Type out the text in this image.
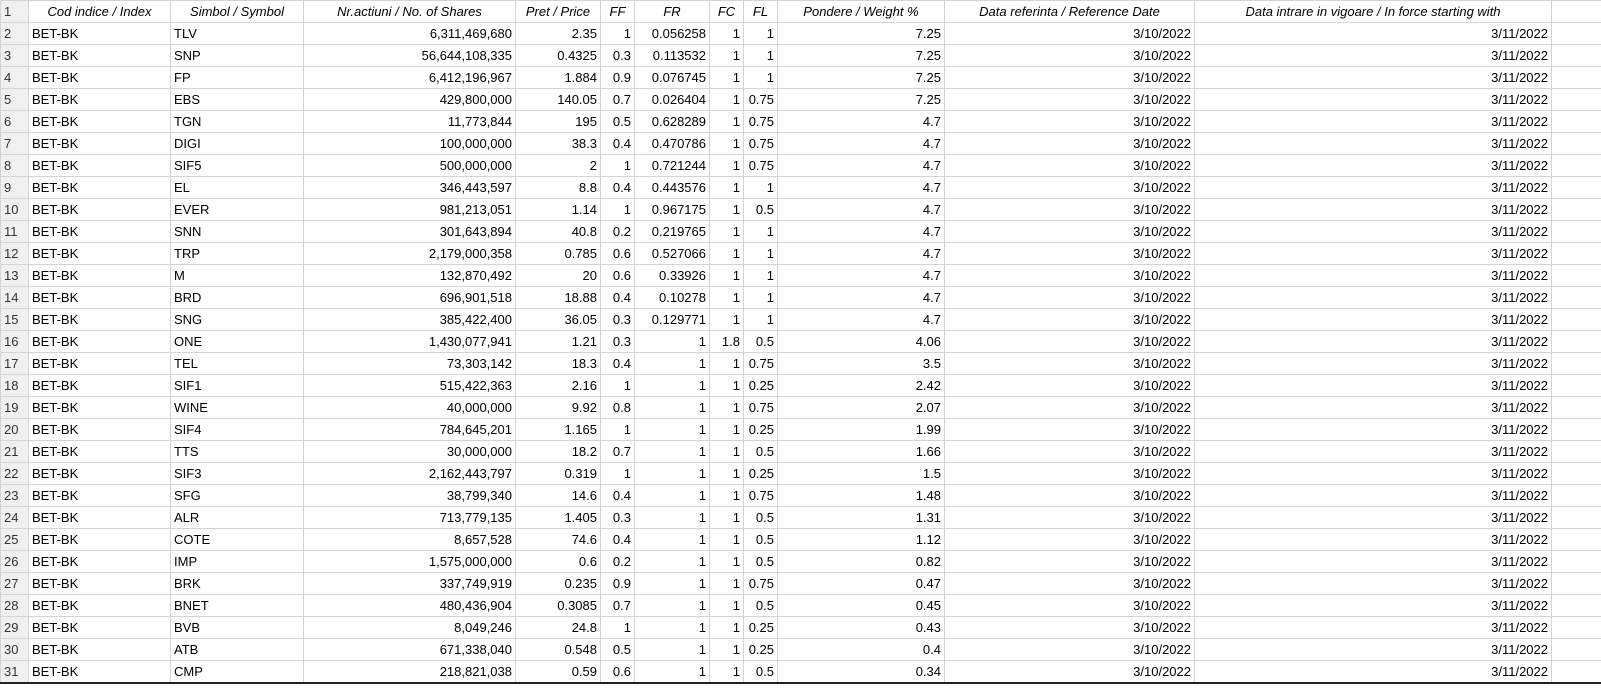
1	Cod indice / Index	Simbol / Symbol	Nr.actiuni / No. of Shares	Pret / Price	FF	FR	FC	FL	Pondere / Weight %	Data referinta / Reference Date	Data intrare in vigoare / In force starting with	
2	BET-BK	TLV	6,311,469,680	2.35	1	0.056258	1	1	7.25	3/10/2022	3/11/2022	
3	BET-BK	SNP	56,644,108,335	0.4325	0.3	0.113532	1	1	7.25	3/10/2022	3/11/2022	
4	BET-BK	FP	6,412,196,967	1.884	0.9	0.076745	1	1	7.25	3/10/2022	3/11/2022	
5	BET-BK	EBS	429,800,000	140.05	0.7	0.026404	1	0.75	7.25	3/10/2022	3/11/2022	
6	BET-BK	TGN	11,773,844	195	0.5	0.628289	1	0.75	4.7	3/10/2022	3/11/2022	
7	BET-BK	DIGI	100,000,000	38.3	0.4	0.470786	1	0.75	4.7	3/10/2022	3/11/2022	
8	BET-BK	SIF5	500,000,000	2	1	0.721244	1	0.75	4.7	3/10/2022	3/11/2022	
9	BET-BK	EL	346,443,597	8.8	0.4	0.443576	1	1	4.7	3/10/2022	3/11/2022	
10	BET-BK	EVER	981,213,051	1.14	1	0.967175	1	0.5	4.7	3/10/2022	3/11/2022	
11	BET-BK	SNN	301,643,894	40.8	0.2	0.219765	1	1	4.7	3/10/2022	3/11/2022	
12	BET-BK	TRP	2,179,000,358	0.785	0.6	0.527066	1	1	4.7	3/10/2022	3/11/2022	
13	BET-BK	M	132,870,492	20	0.6	0.33926	1	1	4.7	3/10/2022	3/11/2022	
14	BET-BK	BRD	696,901,518	18.88	0.4	0.10278	1	1	4.7	3/10/2022	3/11/2022	
15	BET-BK	SNG	385,422,400	36.05	0.3	0.129771	1	1	4.7	3/10/2022	3/11/2022	
16	BET-BK	ONE	1,430,077,941	1.21	0.3	1	1.8	0.5	4.06	3/10/2022	3/11/2022	
17	BET-BK	TEL	73,303,142	18.3	0.4	1	1	0.75	3.5	3/10/2022	3/11/2022	
18	BET-BK	SIF1	515,422,363	2.16	1	1	1	0.25	2.42	3/10/2022	3/11/2022	
19	BET-BK	WINE	40,000,000	9.92	0.8	1	1	0.75	2.07	3/10/2022	3/11/2022	
20	BET-BK	SIF4	784,645,201	1.165	1	1	1	0.25	1.99	3/10/2022	3/11/2022	
21	BET-BK	TTS	30,000,000	18.2	0.7	1	1	0.5	1.66	3/10/2022	3/11/2022	
22	BET-BK	SIF3	2,162,443,797	0.319	1	1	1	0.25	1.5	3/10/2022	3/11/2022	
23	BET-BK	SFG	38,799,340	14.6	0.4	1	1	0.75	1.48	3/10/2022	3/11/2022	
24	BET-BK	ALR	713,779,135	1.405	0.3	1	1	0.5	1.31	3/10/2022	3/11/2022	
25	BET-BK	COTE	8,657,528	74.6	0.4	1	1	0.5	1.12	3/10/2022	3/11/2022	
26	BET-BK	IMP	1,575,000,000	0.6	0.2	1	1	0.5	0.82	3/10/2022	3/11/2022	
27	BET-BK	BRK	337,749,919	0.235	0.9	1	1	0.75	0.47	3/10/2022	3/11/2022	
28	BET-BK	BNET	480,436,904	0.3085	0.7	1	1	0.5	0.45	3/10/2022	3/11/2022	
29	BET-BK	BVB	8,049,246	24.8	1	1	1	0.25	0.43	3/10/2022	3/11/2022	
30	BET-BK	ATB	671,338,040	0.548	0.5	1	1	0.25	0.4	3/10/2022	3/11/2022	
31	BET-BK	CMP	218,821,038	0.59	0.6	1	1	0.5	0.34	3/10/2022	3/11/2022	
